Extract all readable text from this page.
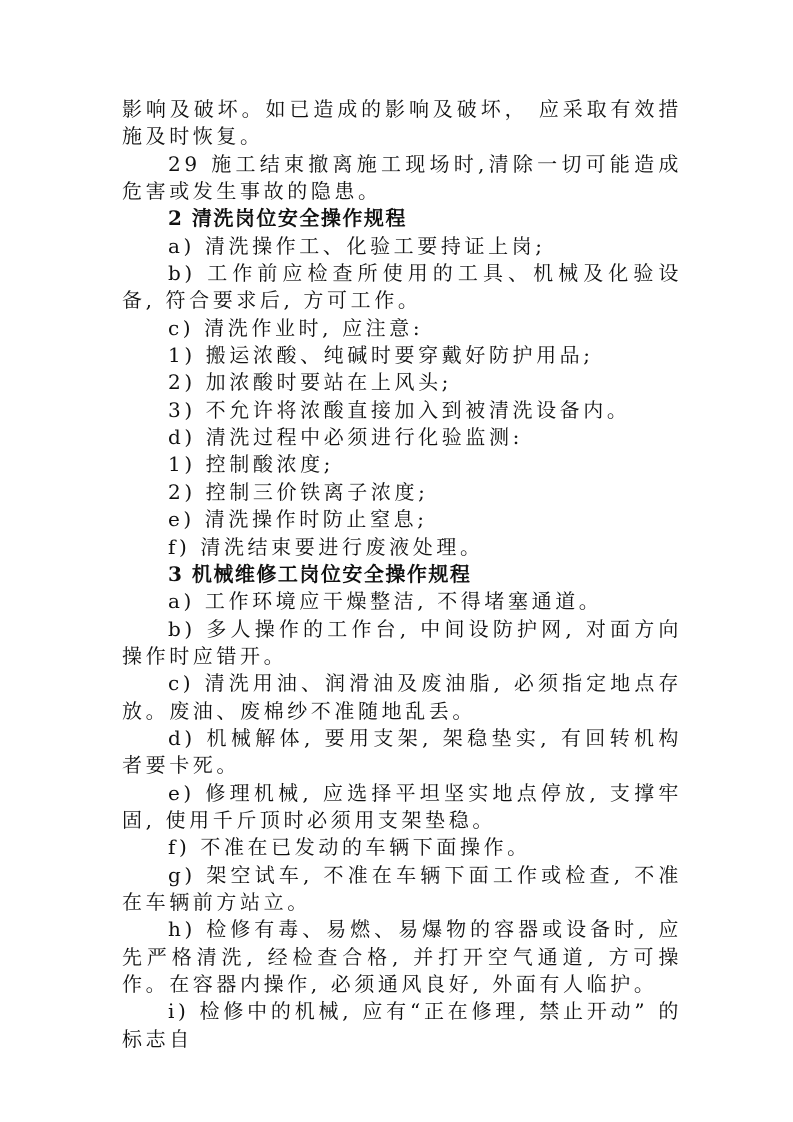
影响及破坏。如已造成的影响及破坏， 应采取有效措施及时恢复。

29 施工结束撤离施工现场时,清除一切可能造成危害或发生事故的隐患。

2 清洗岗位安全操作规程

a) 清洗操作工、化验工要持证上岗;

b) 工作前应检查所使用的工具、机械及化验设备, 符合要求后, 方可工作。

c) 清洗作业时, 应注意:

1) 搬运浓酸、纯碱时要穿戴好防护用品;

2) 加浓酸时要站在上风头;

3) 不允许将浓酸直接加入到被清洗设备内。

d) 清洗过程中必须进行化验监测:

1) 控制酸浓度;

2) 控制三价铁离子浓度;

e) 清洗操作时防止窒息;

f) 清洗结束要进行废液处理。

3 机械维修工岗位安全操作规程

a) 工作环境应干燥整洁, 不得堵塞通道。

b) 多人操作的工作台, 中间设防护网, 对面方向操作时应错开。

c) 清洗用油、润滑油及废油脂, 必须指定地点存放。废油、废棉纱不准随地乱丢。

d) 机械解体, 要用支架, 架稳垫实, 有回转机构者要卡死。

e) 修理机械, 应选择平坦坚实地点停放, 支撑牢固, 使用千斤顶时必须用支架垫稳。

f) 不准在已发动的车辆下面操作。

g) 架空试车, 不准在车辆下面工作或检查, 不准在车辆前方站立。

h) 检修有毒、易燃、易爆物的容器或设备时, 应先严格清洗, 经检查合格, 并打开空气通道, 方可操作。在容器内操作, 必须通风良好, 外面有人临护。

i) 检修中的机械, 应有“正在修理, 禁止开动” 的标志自
